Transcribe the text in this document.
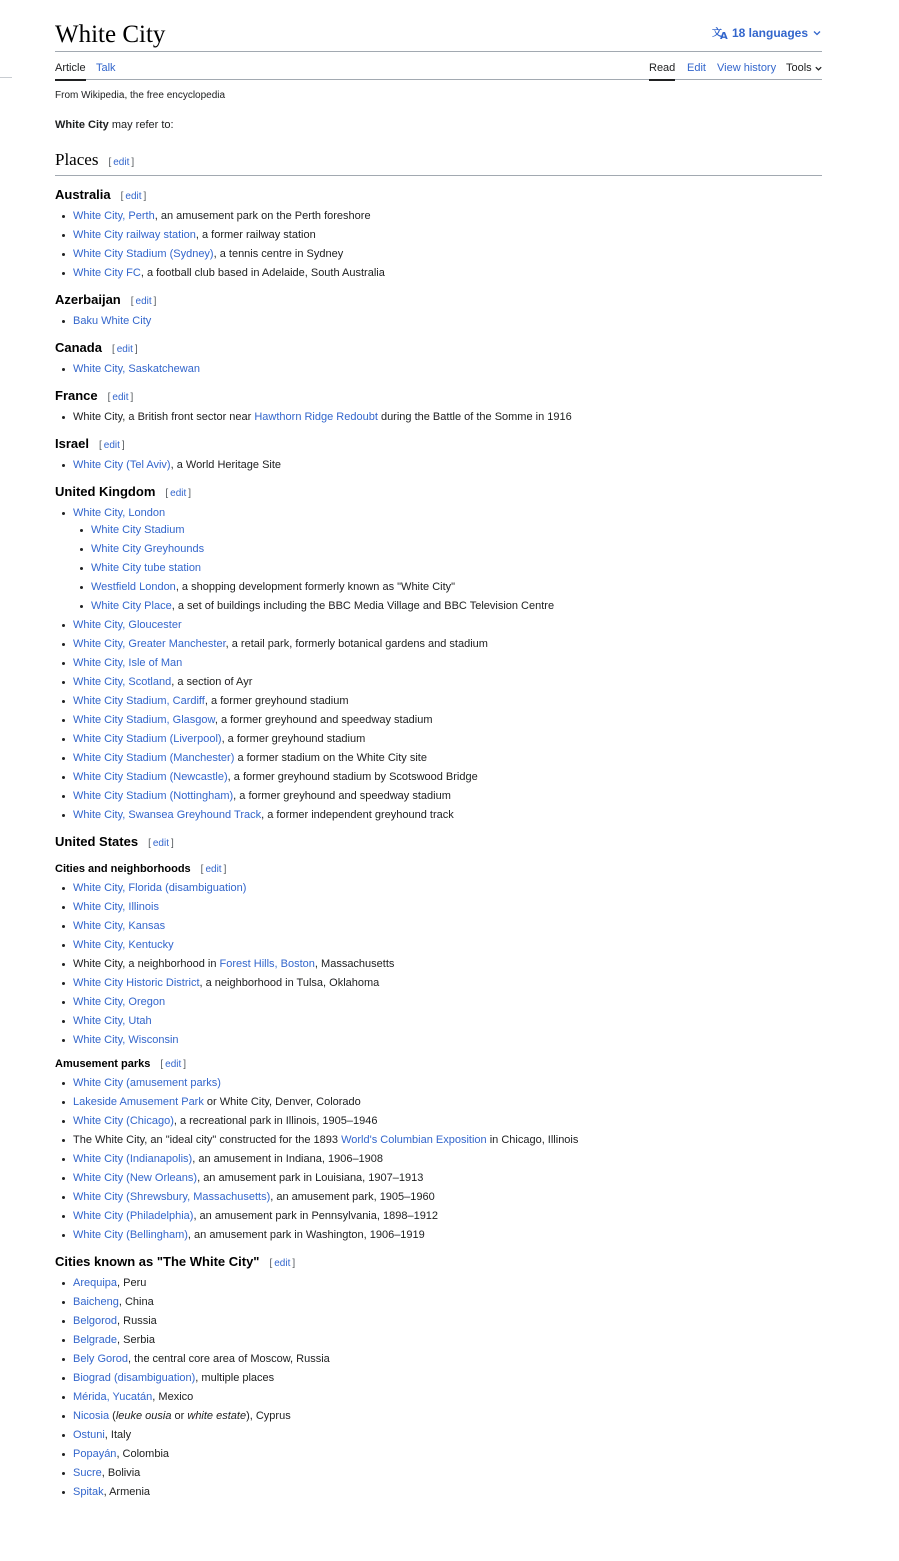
White City	文
A 18 languages
Article Talk	Read Edit View history Tools

From Wikipedia, the free encyclopedia

White City may refer to:

Places [ edit ]
Australia [ edit ]
White City, Perth, an amusement park on the Perth foreshore
White City railway station, a former railway station
White City Stadium (Sydney), a tennis centre in Sydney
White City FC, a football club based in Adelaide, South Australia
Azerbaijan [ edit ]
Baku White City
Canada [ edit ]
White City, Saskatchewan
France [ edit ]
White City, a British front sector near Hawthorn Ridge Redoubt during the Battle of the Somme in 1916
Israel [ edit ]
White City (Tel Aviv), a World Heritage Site
United Kingdom [ edit ]
White City, London
White City Stadium
White City Greyhounds
White City tube station
Westfield London, a shopping development formerly known as "White City"
White City Place, a set of buildings including the BBC Media Village and BBC Television Centre
White City, Gloucester
White City, Greater Manchester, a retail park, formerly botanical gardens and stadium
White City, Isle of Man
White City, Scotland, a section of Ayr
White City Stadium, Cardiff, a former greyhound stadium
White City Stadium, Glasgow, a former greyhound and speedway stadium
White City Stadium (Liverpool), a former greyhound stadium
White City Stadium (Manchester) a former stadium on the White City site
White City Stadium (Newcastle), a former greyhound stadium by Scotswood Bridge
White City Stadium (Nottingham), a former greyhound and speedway stadium
White City, Swansea Greyhound Track, a former independent greyhound track
United States [ edit ]
Cities and neighborhoods [ edit ]
White City, Florida (disambiguation)
White City, Illinois
White City, Kansas
White City, Kentucky
White City, a neighborhood in Forest Hills, Boston, Massachusetts
White City Historic District, a neighborhood in Tulsa, Oklahoma
White City, Oregon
White City, Utah
White City, Wisconsin
Amusement parks [ edit ]
White City (amusement parks)
Lakeside Amusement Park or White City, Denver, Colorado
White City (Chicago), a recreational park in Illinois, 1905–1946
The White City, an "ideal city" constructed for the 1893 World's Columbian Exposition in Chicago, Illinois
White City (Indianapolis), an amusement in Indiana, 1906–1908
White City (New Orleans), an amusement park in Louisiana, 1907–1913
White City (Shrewsbury, Massachusetts), an amusement park, 1905–1960
White City (Philadelphia), an amusement park in Pennsylvania, 1898–1912
White City (Bellingham), an amusement park in Washington, 1906–1919
Cities known as "The White City" [ edit ]
Arequipa, Peru
Baicheng, China
Belgorod, Russia
Belgrade, Serbia
Bely Gorod, the central core area of Moscow, Russia
Biograd (disambiguation), multiple places
Mérida, Yucatán, Mexico
Nicosia (leuke ousia or white estate), Cyprus
Ostuni, Italy
Popayán, Colombia
Sucre, Bolivia
Spitak, Armenia
